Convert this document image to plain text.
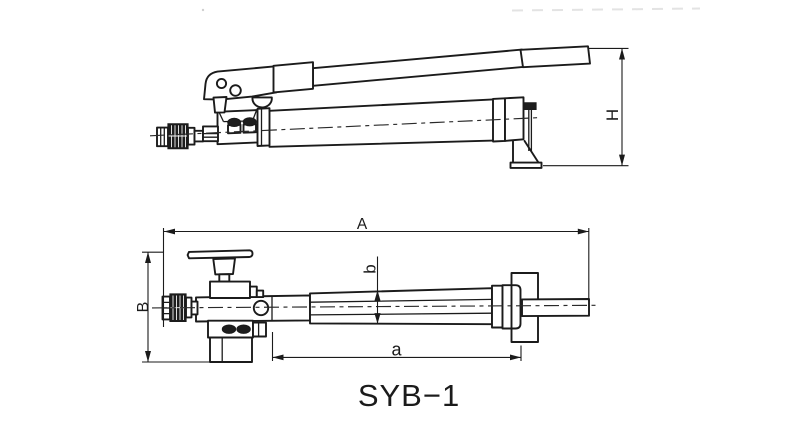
H
A
B
a
b
SYB−1
